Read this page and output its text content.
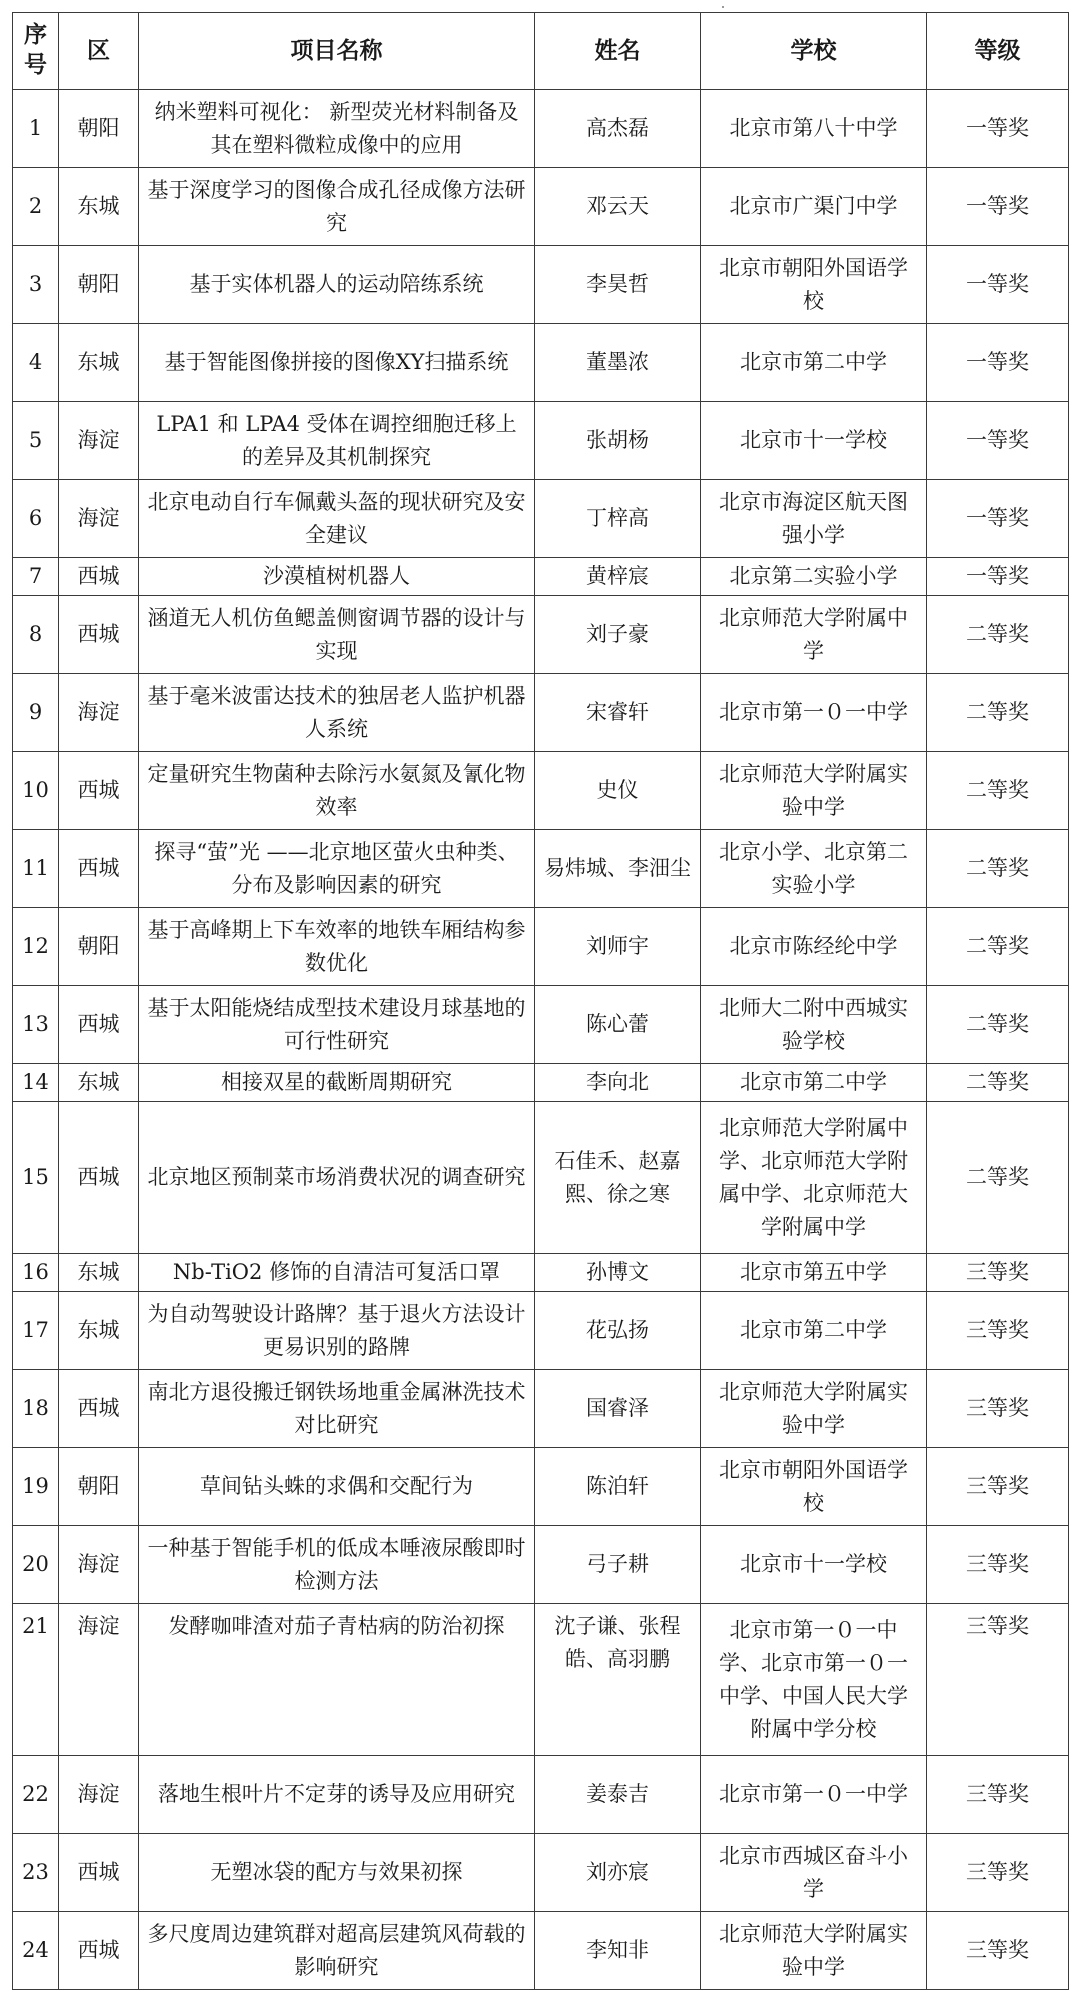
序号	区	项目名称	姓名	学校	等级
1	朝阳	纳米塑料可视化： 新型荧光材料制备及其在塑料微粒成像中的应用	高杰磊	北京市第八十中学	一等奖
2	东城	基于深度学习的图像合成孔径成像方法研究	邓云天	北京市广渠门中学	一等奖
3	朝阳	基于实体机器人的运动陪练系统	李昊哲	北京市朝阳外国语学校	一等奖
4	东城	基于智能图像拼接的图像XY扫描系统	董墨浓	北京市第二中学	一等奖
5	海淀	LPA1 和 LPA4 受体在调控细胞迁移上的差异及其机制探究	张胡杨	北京市十一学校	一等奖
6	海淀	北京电动自行车佩戴头盔的现状研究及安全建议	丁梓高	北京市海淀区航天图强小学	一等奖
7	西城	沙漠植树机器人	黄梓宸	北京第二实验小学	一等奖
8	西城	涵道无人机仿鱼鳃盖侧窗调节器的设计与实现	刘子豪	北京师范大学附属中学	二等奖
9	海淀	基于毫米波雷达技术的独居老人监护机器人系统	宋睿轩	北京市第一０一中学	二等奖
10	西城	定量研究生物菌种去除污水氨氮及氰化物效率	史仪	北京师范大学附属实验中学	二等奖
11	西城	探寻“萤”光 ——北京地区萤火虫种类、分布及影响因素的研究	易炜城、李沺尘	北京小学、北京第二实验小学	二等奖
12	朝阳	基于高峰期上下车效率的地铁车厢结构参数优化	刘师宇	北京市陈经纶中学	二等奖
13	西城	基于太阳能烧结成型技术建设月球基地的可行性研究	陈心蕾	北师大二附中西城实验学校	二等奖
14	东城	相接双星的截断周期研究	李向北	北京市第二中学	二等奖
15	西城	北京地区预制菜市场消费状况的调查研究	石佳禾、赵嘉熙、徐之寒	北京师范大学附属中学、北京师范大学附属中学、北京师范大学附属中学	二等奖
16	东城	Nb-TiO2 修饰的自清洁可复活口罩	孙博文	北京市第五中学	三等奖
17	东城	为自动驾驶设计路牌？基于退火方法设计更易识别的路牌	花弘扬	北京市第二中学	三等奖
18	西城	南北方退役搬迁钢铁场地重金属淋洗技术对比研究	国睿泽	北京师范大学附属实验中学	三等奖
19	朝阳	草间钻头蛛的求偶和交配行为	陈泊轩	北京市朝阳外国语学校	三等奖
20	海淀	一种基于智能手机的低成本唾液尿酸即时检测方法	弓子耕	北京市十一学校	三等奖
21	海淀	发酵咖啡渣对茄子青枯病的防治初探	沈子谦、张程皓、高羽鹏	北京市第一０一中学、北京市第一０一中学、中国人民大学附属中学分校	三等奖
22	海淀	落地生根叶片不定芽的诱导及应用研究	姜泰吉	北京市第一０一中学	三等奖
23	西城	无塑冰袋的配方与效果初探	刘亦宸	北京市西城区奋斗小学	三等奖
24	西城	多尺度周边建筑群对超高层建筑风荷载的影响研究	李知非	北京师范大学附属实验中学	三等奖
